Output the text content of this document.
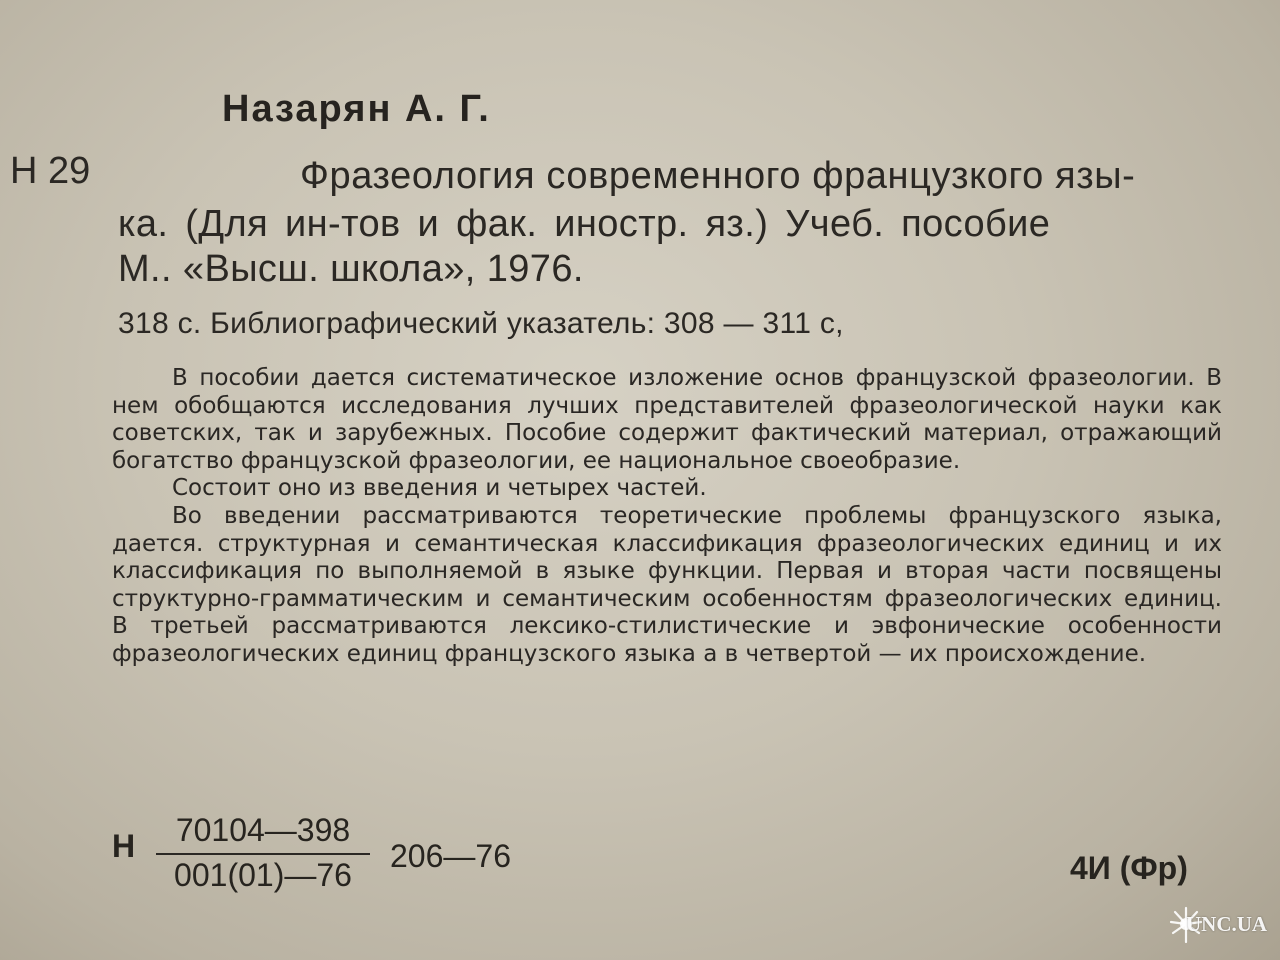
Назарян А. Г.
Н 29	Фразеология современного французкого язы-
ка. (Для ин-тов и фак. иностр. яз.) Учеб. пособие
М.. «Высш. школа», 1976.
318 с. Библиографический указатель: 308 — 311 с,

В пособии дается систематическое изложение основ французской фразеологии. В нем обобщаются исследования лучших представителей фразеологической науки как советских, так и зарубежных. Пособие содержит фактический материал, отражающий богатство французской фразеологии, ее национальное своеобразие.

Состоит оно из введения и четырех частей.

Во введении рассматриваются теоретические проблемы французского языка, дается. структурная и семантическая классификация фразеологических единиц и их классификация по выполняемой в языке функции. Первая и вторая части посвящены структурно-грамматическим и семантическим особенностям фразеологических единиц. В третьей рассматриваются лексико-стилистические и эвфонические особенности фразеологических единиц французского языка а в четвертой — их происхождение.

Н	70104—398
001(01)—76
206—76	4И (Фр)
UNC.UA
